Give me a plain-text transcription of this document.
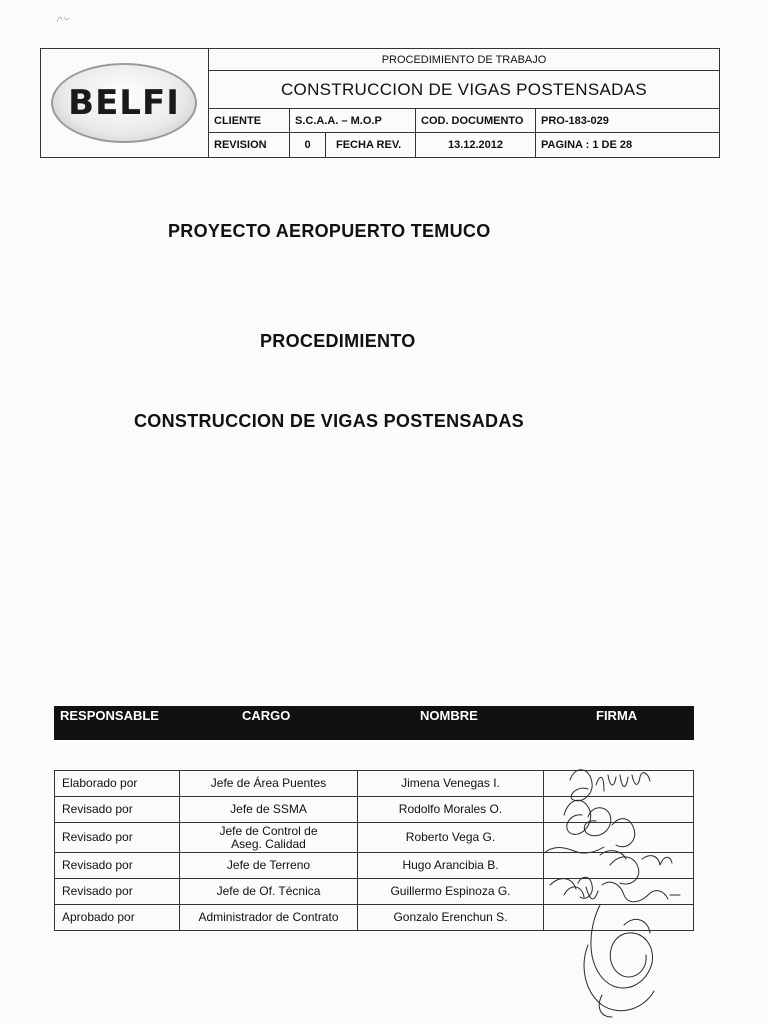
BELFI
PROCEDIMIENTO DE TRABAJO
CONSTRUCCION DE VIGAS POSTENSADAS
CLIENTE	S.C.A.A. – M.O.P	COD. DOCUMENTO	PRO-183-029
REVISION	0	FECHA REV.	13.12.2012	PAGINA : 1 DE 28
PROYECTO AEROPUERTO TEMUCO
PROCEDIMIENTO
CONSTRUCCION DE VIGAS POSTENSADAS
RESPONSABLE	CARGO	NOMBRE	FIRMA
Elaborado por	Jefe de Área Puentes	Jimena Venegas I.
Revisado por	Jefe de SSMA	Rodolfo Morales O.
Revisado por	Jefe de Control de Aseg. Calidad	Roberto Vega G.
Revisado por	Jefe de Terreno	Hugo Arancibia B.
Revisado por	Jefe de Of. Técnica	Guillermo Espinoza G.
Aprobado por	Administrador de Contrato	Gonzalo Erenchun S.
